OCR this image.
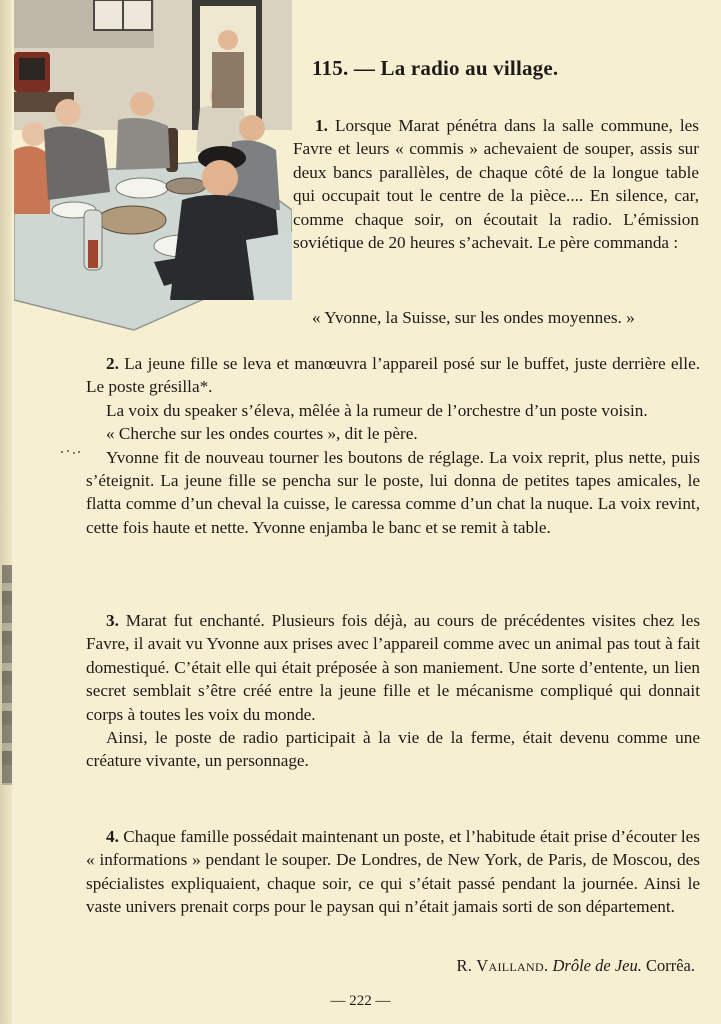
115. — La radio au village.

1. Lorsque Marat pénétra dans la salle commune, les Favre et leurs « commis » achevaient de souper, assis sur deux bancs parallèles, de chaque côté de la longue table qui occupait tout le centre de la pièce.... En silence, car, comme chaque soir, on écoutait la radio. L’émission soviétique de 20 heures s’achevait. Le père commanda :

« Yvonne, la Suisse, sur les ondes moyennes. »

2. La jeune fille se leva et manœuvra l’appareil posé sur le buffet, juste derrière elle. Le poste grésilla*.

La voix du speaker s’éleva, mêlée à la rumeur de l’orchestre d’un poste voisin.

« Cherche sur les ondes courtes », dit le père.

Yvonne fit de nouveau tourner les boutons de réglage. La voix reprit, plus nette, puis s’éteignit. La jeune fille se pencha sur le poste, lui donna de petites tapes amicales, le flatta comme d’un cheval la cuisse, le caressa comme d’un chat la nuque. La voix revint, cette fois haute et nette. Yvonne enjamba le banc et se remit à table.

3. Marat fut enchanté. Plusieurs fois déjà, au cours de précédentes visites chez les Favre, il avait vu Yvonne aux prises avec l’appareil comme avec un animal pas tout à fait domestiqué. C’était elle qui était préposée à son maniement. Une sorte d’entente, un lien secret semblait s’être créé entre la jeune fille et le mécanisme compliqué qui donnait corps à toutes les voix du monde.

Ainsi, le poste de radio participait à la vie de la ferme, était devenu comme une créature vivante, un personnage.

4. Chaque famille possédait maintenant un poste, et l’habitude était prise d’écouter les « informations » pendant le souper. De Londres, de New York, de Paris, de Moscou, des spécialistes expliquaient, chaque soir, ce qui s’était passé pendant la journée. Ainsi le vaste univers prenait corps pour le paysan qui n’était jamais sorti de son département.

R. Vailland. Drôle de Jeu. Corrêa.
— 222 —
